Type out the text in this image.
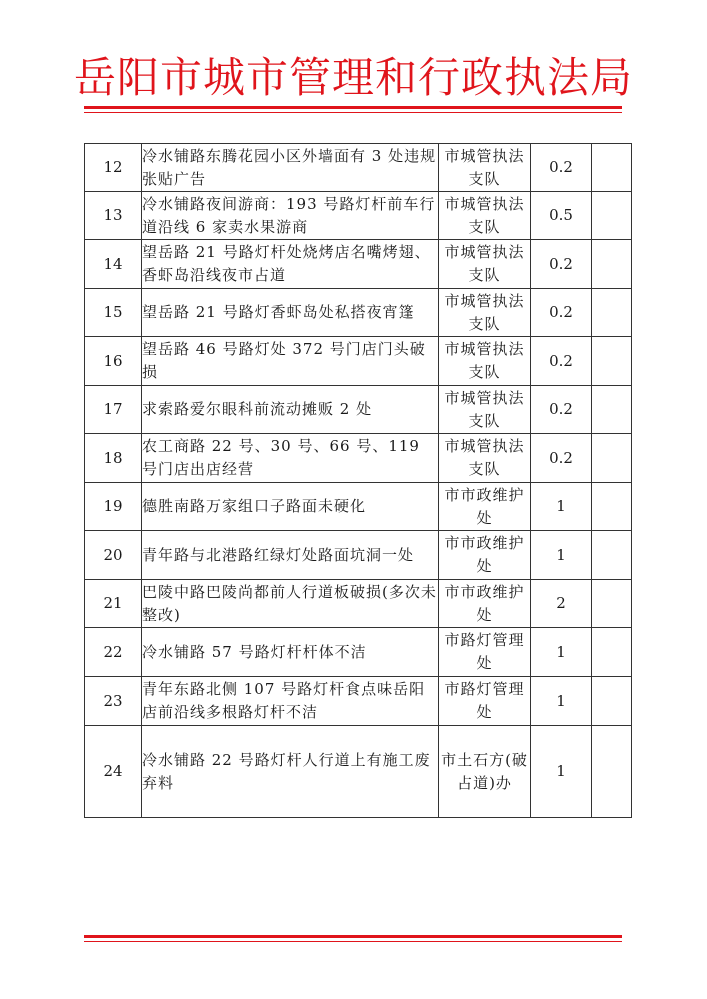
岳阳市城市管理和行政执法局
12	冷水铺路东腾花园小区外墙面有 3 处违规张贴广告	市城管执法支队	0.2	
13	冷水铺路夜间游商：193 号路灯杆前车行道沿线 6 家卖水果游商	市城管执法支队	0.5	
14	望岳路 21 号路灯杆处烧烤店名嘴烤翅、香虾岛沿线夜市占道	市城管执法支队	0.2	
15	望岳路 21 号路灯香虾岛处私搭夜宵篷	市城管执法支队	0.2	
16	望岳路 46 号路灯处 372 号门店门头破损	市城管执法支队	0.2	
17	求索路爱尔眼科前流动摊贩 2 处	市城管执法支队	0.2	
18	农工商路 22 号、30 号、66 号、119 号门店出店经营	市城管执法支队	0.2	
19	德胜南路万家组口子路面未硬化	市市政维护处	1	
20	青年路与北港路红绿灯处路面坑洞一处	市市政维护处	1	
21	巴陵中路巴陵尚都前人行道板破损(多次未整改)	市市政维护处	2	
22	冷水铺路 57 号路灯杆杆体不洁	市路灯管理处	1	
23	青年东路北侧 107 号路灯杆食点味岳阳店前沿线多根路灯杆不洁	市路灯管理处	1	
24	冷水铺路 22 号路灯杆人行道上有施工废弃料	市土石方(破占道)办	1	
